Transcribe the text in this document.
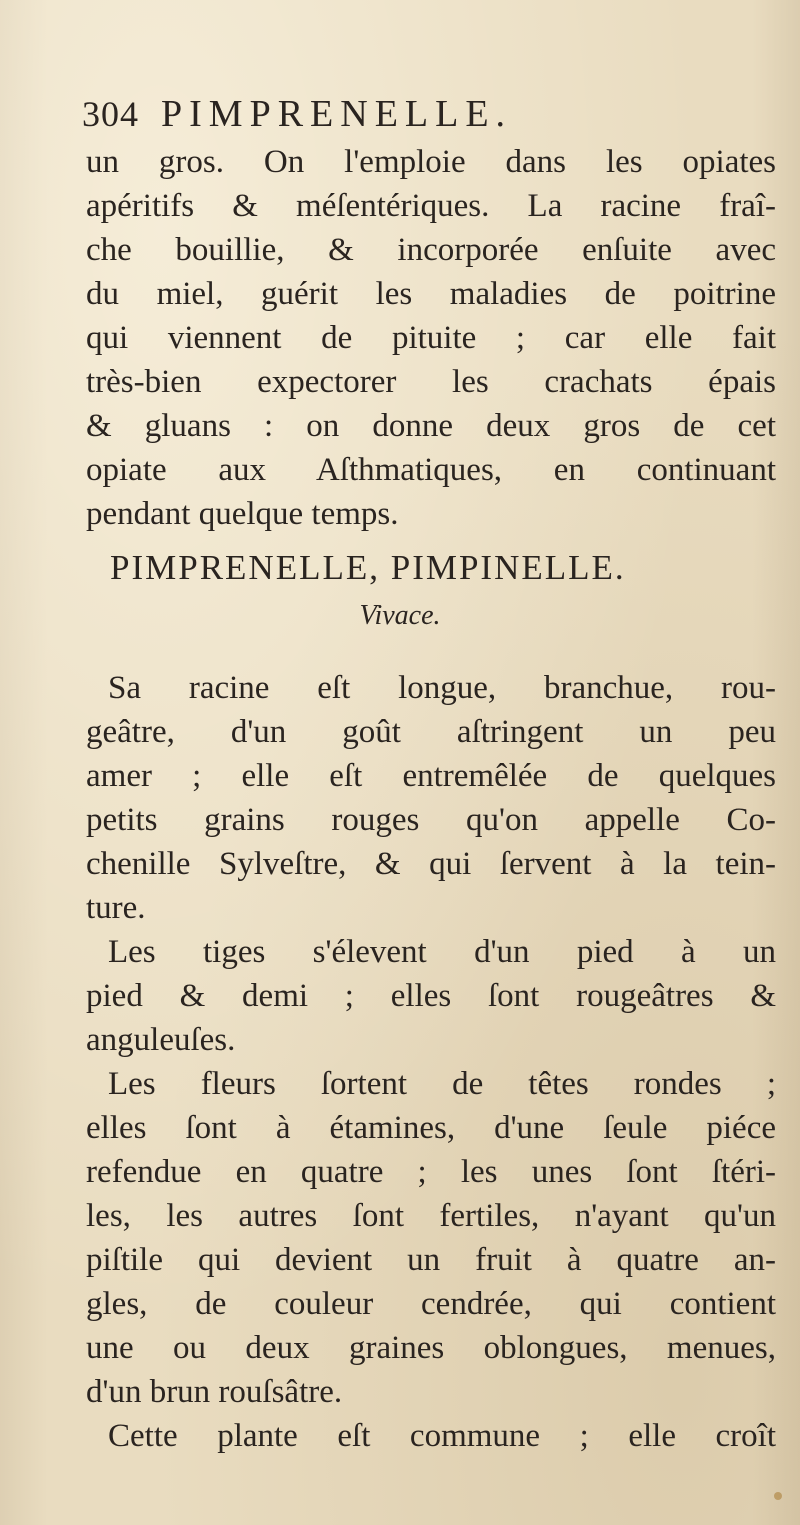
304 PIMPRENELLE.
un gros. On l'emploie dans les opiates
apéritifs & méſentériques. La racine fraî-
che bouillie, & incorporée enſuite avec
du miel, guérit les maladies de poitrine
qui viennent de pituite ; car elle fait
très-bien expectorer les crachats épais
& gluans : on donne deux gros de cet
opiate aux Aſthmatiques, en continuant
pendant quelque temps.
PIMPRENELLE, PIMPINELLE.
Vivace.
Sa racine eſt longue, branchue, rou-
geâtre, d'un goût aſtringent un peu
amer ; elle eſt entremêlée de quelques
petits grains rouges qu'on appelle Co-
chenille Sylveſtre, & qui ſervent à la tein-
ture.
Les tiges s'élevent d'un pied à un
pied & demi ; elles ſont rougeâtres &
anguleuſes.
Les fleurs ſortent de têtes rondes ;
elles ſont à étamines, d'une ſeule piéce
refendue en quatre ; les unes ſont ſtéri-
les, les autres ſont fertiles, n'ayant qu'un
piſtile qui devient un fruit à quatre an-
gles, de couleur cendrée, qui contient
une ou deux graines oblongues, menues,
d'un brun rouſsâtre.
Cette plante eſt commune ; elle croît
